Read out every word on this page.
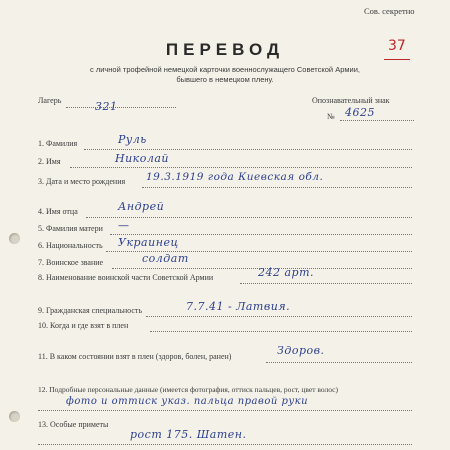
Сов. секретно
37
ПЕРЕВОД
с личной трофейной немецкой карточки военнослужащего Советской Армии,
бывшего в немецком плену.
Лагерь	321	Опознавательный знак
№ 4625
1. Фамилия	Руль
2. Имя	Николай
3. Дата и место рождения 19.3.1919 года Киевская обл.
4. Имя отца	Андрей
5. Фамилия матери —
6. Национальность Украинец
7. Воинское звание	солдат
8. Наименование воинской части Советской Армии	242 арт.
9. Гражданская специальность	7.7.41 - Латвия.
10. Когда и где взят в плен
11. В каком состоянии взят в плен (здоров, болен, ранен)	Здоров.
12. Подробные персональные данные (имеется фотография, оттиск пальцев, рост, цвет волос)
фото и оттиск указ. пальца правой руки
13. Особые приметы
рост 175. Шатен.
